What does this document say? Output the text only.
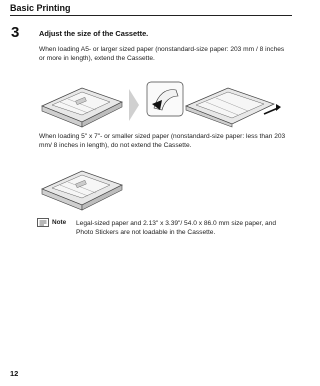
Basic Printing
3	Adjust the size of the Cassette.
When loading A5- or larger sized paper (nonstandard-size paper: 203 mm / 8 inches or more in length), extend the Cassette.
When loading 5" x 7"- or smaller sized paper (nonstandard-size paper: less than 203 mm/ 8 inches in length), do not extend the Cassette.
Note Legal-sized paper and 2.13" x 3.39"/ 54.0 x 86.0 mm size paper, and Photo Stickers are not loadable in the Cassette.
12
